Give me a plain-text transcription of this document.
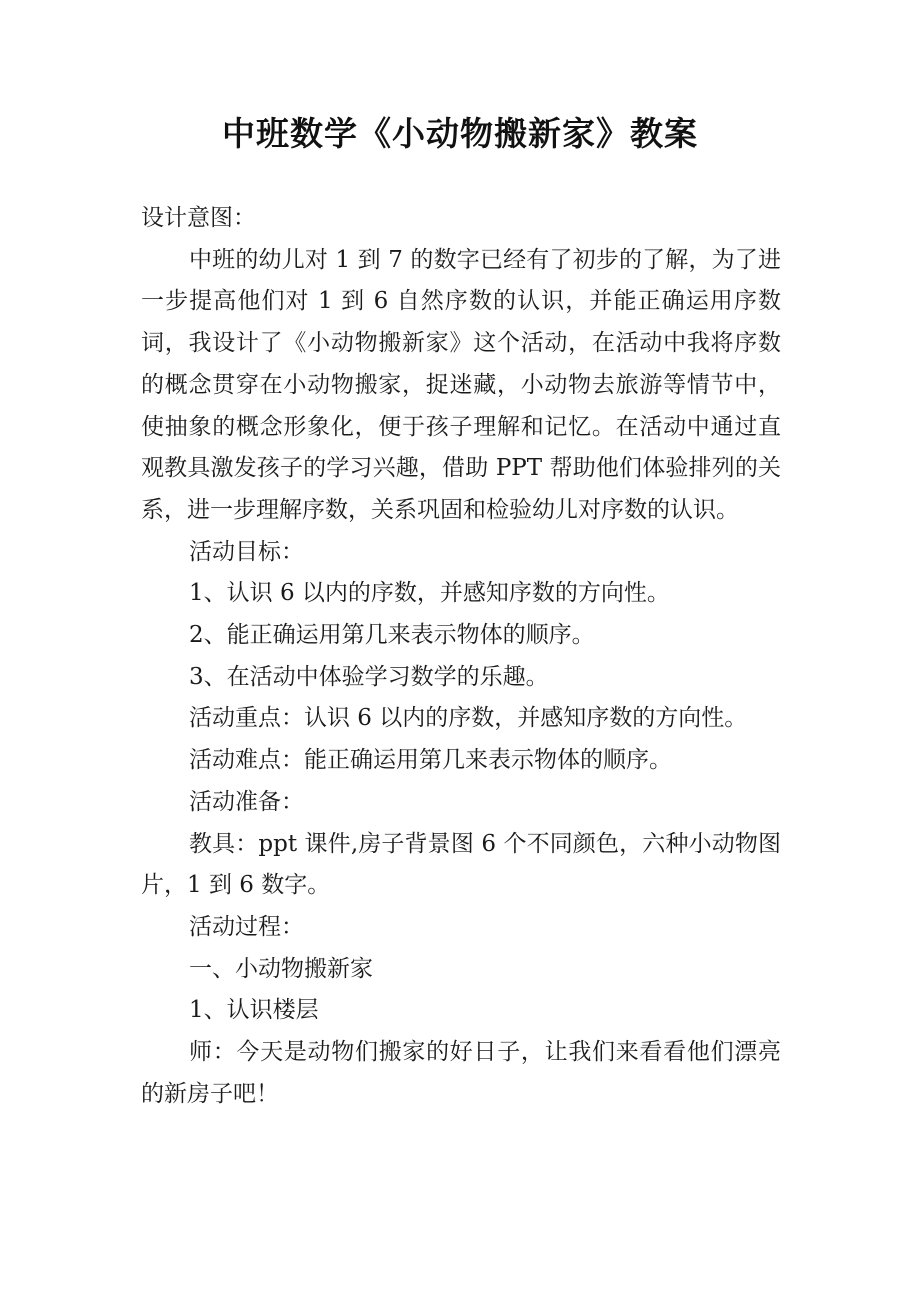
中班数学《小动物搬新家》教案

设计意图：

中班的幼儿对 1 到 7 的数字已经有了初步的了解，为了进一步提高他们对 1 到 6 自然序数的认识，并能正确运用序数词，我设计了《小动物搬新家》这个活动，在活动中我将序数的概念贯穿在小动物搬家，捉迷藏，小动物去旅游等情节中，使抽象的概念形象化，便于孩子理解和记忆。在活动中通过直观教具激发孩子的学习兴趣，借助 PPT 帮助他们体验排列的关系，进一步理解序数，关系巩固和检验幼儿对序数的认识。

活动目标：

1、认识 6 以内的序数，并感知序数的方向性。

2、能正确运用第几来表示物体的顺序。

3、在活动中体验学习数学的乐趣。

活动重点：认识 6 以内的序数，并感知序数的方向性。

活动难点：能正确运用第几来表示物体的顺序。

活动准备：

教具：ppt 课件,房子背景图 6 个不同颜色，六种小动物图片，1 到 6 数字。

活动过程：

一、小动物搬新家

1、认识楼层

师：今天是动物们搬家的好日子，让我们来看看他们漂亮的新房子吧！
